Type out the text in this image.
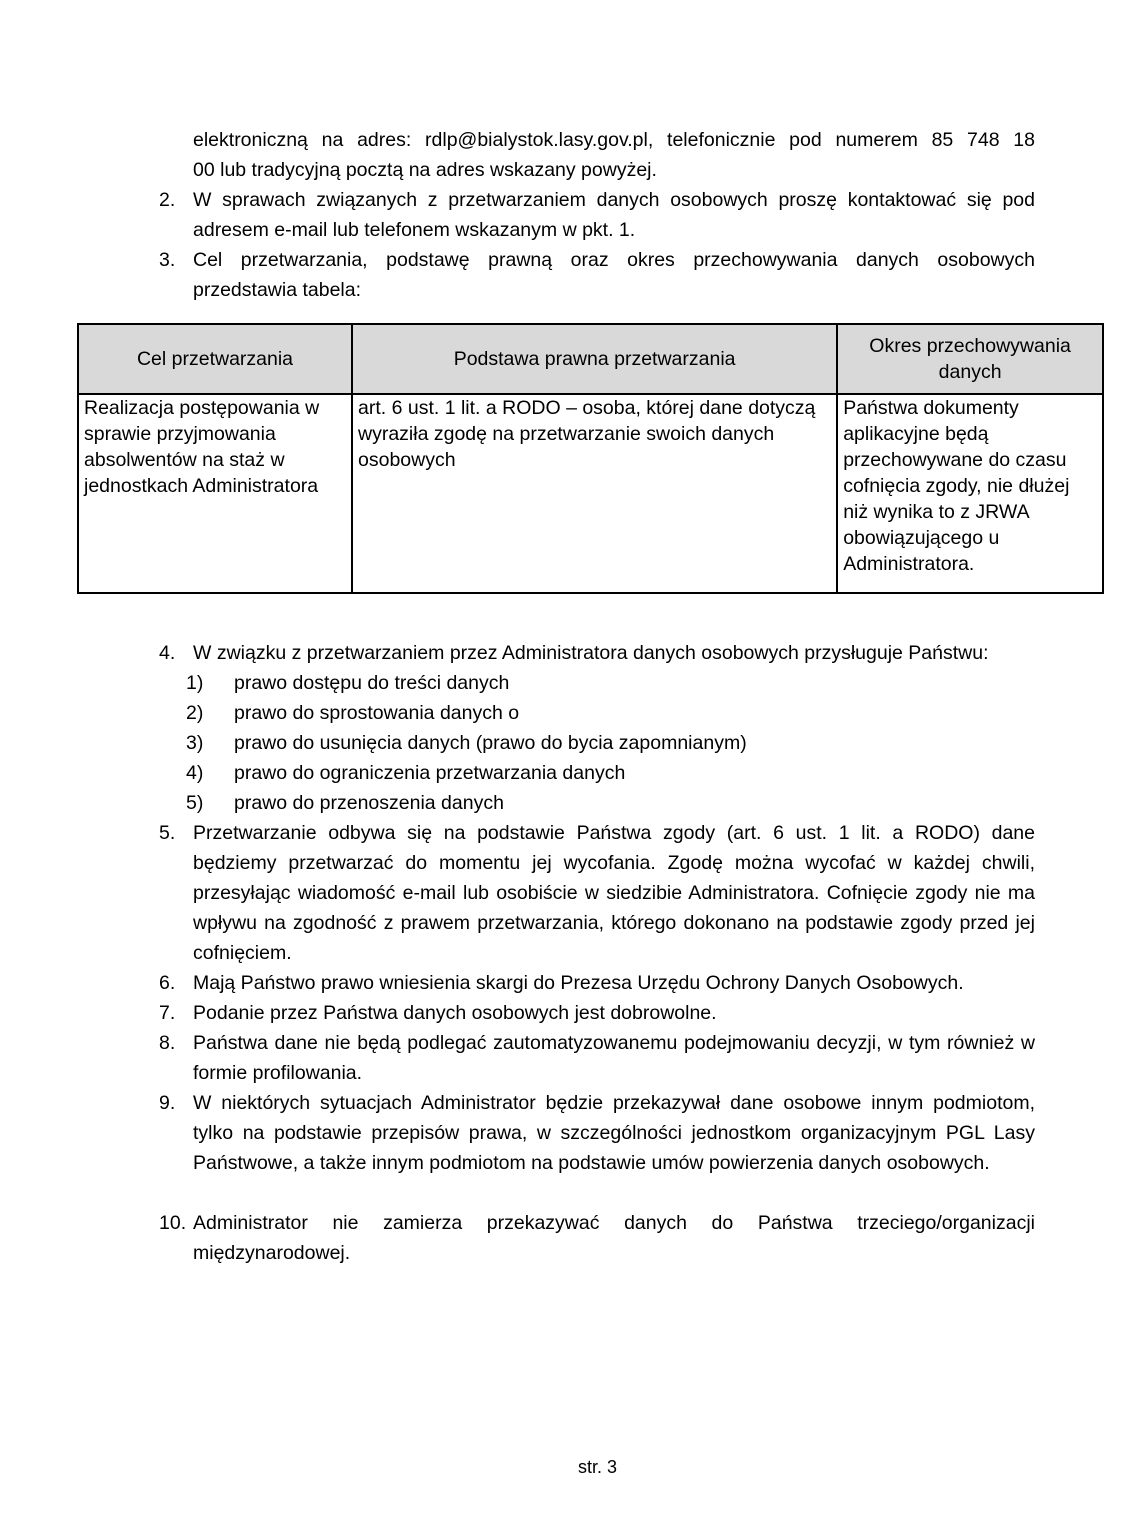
elektroniczną na adres: rdlp@bialystok.lasy.gov.pl, telefonicznie pod numerem 85 748 18

00 lub tradycyjną pocztą na adres wskazany powyżej.

2. W sprawach związanych z przetwarzaniem danych osobowych proszę kontaktować się pod adresem e-mail lub telefonem wskazanym w pkt. 1.

3. Cel przetwarzania, podstawę prawną oraz okres przechowywania danych osobowych przedstawia tabela:

Cel przetwarzania	Podstawa prawna przetwarzania	Okres przechowywania danych
Realizacja postępowania w sprawie przyjmowania absolwentów na staż w jednostkach Administratora	art. 6 ust. 1 lit. a RODO – osoba, której dane dotyczą wyraziła zgodę na przetwarzanie swoich danych osobowych	Państwa dokumenty aplikacyjne będą przechowywane do czasu cofnięcia zgody, nie dłużej niż wynika to z JRWA obowiązującego u Administratora.
4. W związku z przetwarzaniem przez Administratora danych osobowych przysługuje Państwu:

1) prawo dostępu do treści danych
2) prawo do sprostowania danych o
3) prawo do usunięcia danych (prawo do bycia zapomnianym)
4) prawo do ograniczenia przetwarzania danych
5) prawo do przenoszenia danych
5. Przetwarzanie odbywa się na podstawie Państwa zgody (art. 6 ust. 1 lit. a RODO) dane będziemy przetwarzać do momentu jej wycofania. Zgodę można wycofać w każdej chwili, przesyłając wiadomość e-mail lub osobiście w siedzibie Administratora. Cofnięcie zgody nie ma wpływu na zgodność z prawem przetwarzania, którego dokonano na podstawie zgody przed jej cofnięciem.

6. Mają Państwo prawo wniesienia skargi do Prezesa Urzędu Ochrony Danych Osobowych.

7. Podanie przez Państwa danych osobowych jest dobrowolne.

8. Państwa dane nie będą podlegać zautomatyzowanemu podejmowaniu decyzji, w tym również w formie profilowania.

9. W niektórych sytuacjach Administrator będzie przekazywał dane osobowe innym podmiotom, tylko na podstawie przepisów prawa, w szczególności jednostkom organizacyjnym PGL Lasy Państwowe, a także innym podmiotom na podstawie umów powierzenia danych osobowych.

10. Administrator nie zamierza przekazywać danych do Państwa trzeciego/organizacji międzynarodowej.

str. 3
